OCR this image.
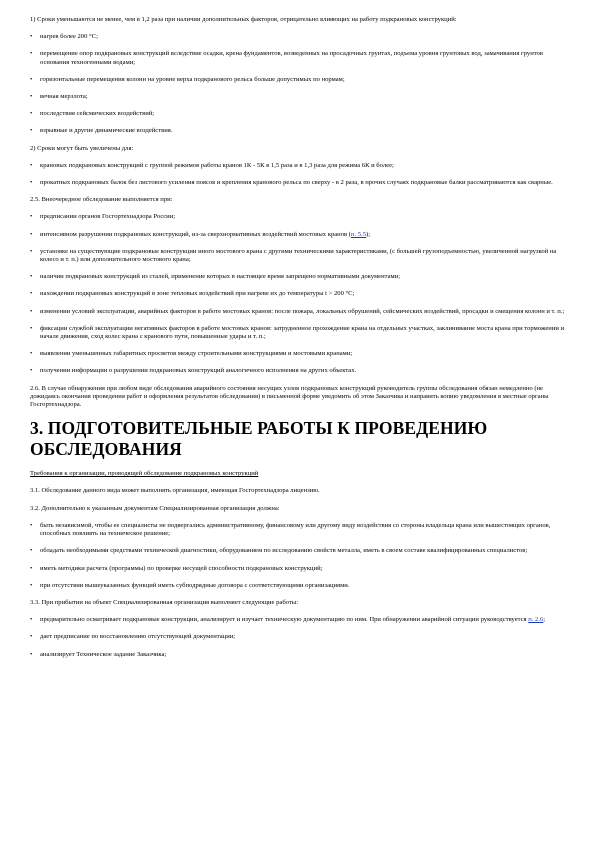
1) Сроки уменьшаются не менее, чем в 1,2 раза при наличии дополнительных факторов, отрицательно влияющих на работу подкрановых конструкций:

•	нагрев более 200 °С;

•	перемещение опор подкрановых конструкций вследствие осадки, крена фундаментов, возведенных на просадочных грунтах, подъема уровня грунтовых вод, замачивания грунтов основания техногенными водами;

•	горизонтальные перемещения колонн на уровне верха подкранового рельса больше допустимых по нормам;

•	вечная мерзлота;

•	последствия сейсмических воздействий;

•	взрывные и другие динамические воздействия.

2) Сроки могут быть увеличены для:

•	крановых подкрановых конструкций с группой режимов работы кранов 1К - 5К в 1,5 раза и в 1,3 раза для режима 6К и более;

•	прокатных подкрановых балок без листового усиления поясов и крепления кранового рельса по сверху - в 2 раза, в прочих случаях подкрановые балки рассматриваются как сварные.

2.5. Внеочередное обследование выполняется при:

•	предписании органов Госгортехнадзора России;

•	интенсивном разрушении подкрановых конструкций, из-за сверхнормативных воздействий мостовых кранов (п. 5.5);

•	установке на существующие подкрановые конструкции иного мостового крана с другими техническими характеристиками, (с большей грузоподъемностью, увеличенной нагрузкой на колесо и т. п.) или дополнительного мостового крана;

•	наличии подкрановых конструкций из сталей, применение которых в настоящее время запрещено нормативными документами;

•	нахождении подкрановых конструкций в зоне тепловых воздействий при нагреве их до температуры t > 200 °С;

•	изменении условий эксплуатации, аварийных факторов в работе мостовых кранов: после пожара, локальных обрушений, сейсмических воздействий, просадки и смещения колонн и т. п.;

•	фиксации службой эксплуатации негативных факторов в работе мостовых кранов: затрудненное прохождение крана на отдельных участках, заклинивание моста крана при торможении и начале движения, сход колес крана с кранового пути, повышенные удары и т. п.;

•	выявлении уменьшенных габаритных просветов между строительными конструкциями и мостовыми кранами;

•	получении информации о разрушении подкрановых конструкций аналогичного исполнения на других объектах.

2.6. В случае обнаружения при любом виде обследования аварийного состояния несущих узлов подкрановых конструкций руководитель группы обследования обязан немедленно (не дожидаясь окончания проведения работ и оформления результатов обследования) в письменной форме уведомить об этом Заказчика и направить копию уведомления в местные органы Госгортехнадзора.

3. ПОДГОТОВИТЕЛЬНЫЕ РАБОТЫ К ПРОВЕДЕНИЮ ОБСЛЕДОВАНИЯ

Требования к организации, проводящей обследование подкрановых конструкций

3.1. Обследование данного вида может выполнять организация, имеющая Госгортехнадзора лицензию.

3.2. Дополнительно к указанным документам Специализированная организация должна:

•	быть независимой, чтобы ее специалисты не подвергались административному, финансовому или другому виду воздействия со стороны владельца крана или вышестоящих органов, способных повлиять на техническое решение;

•	обладать необходимыми средствами технической диагностики, оборудованием по исследованию свойств металла, иметь в своем составе квалифицированных специалистов;

•	иметь методики расчета (программы) по проверке несущей способности подкрановых конструкций;

•	при отсутствии вышеуказанных функций иметь субподрядные договора с соответствующими организациями.

3.3. При прибытии на объект Специализированная организация выполняет следующие работы:

•	предварительно осматривает подкрановые конструкции, анализирует и изучает техническую документацию по ним. При обнаружении аварийной ситуации руководствуется п. 2.6;

•	дает предписание по восстановлению отсутствующей документации;

•	анализирует Техническое задание Заказчика;
